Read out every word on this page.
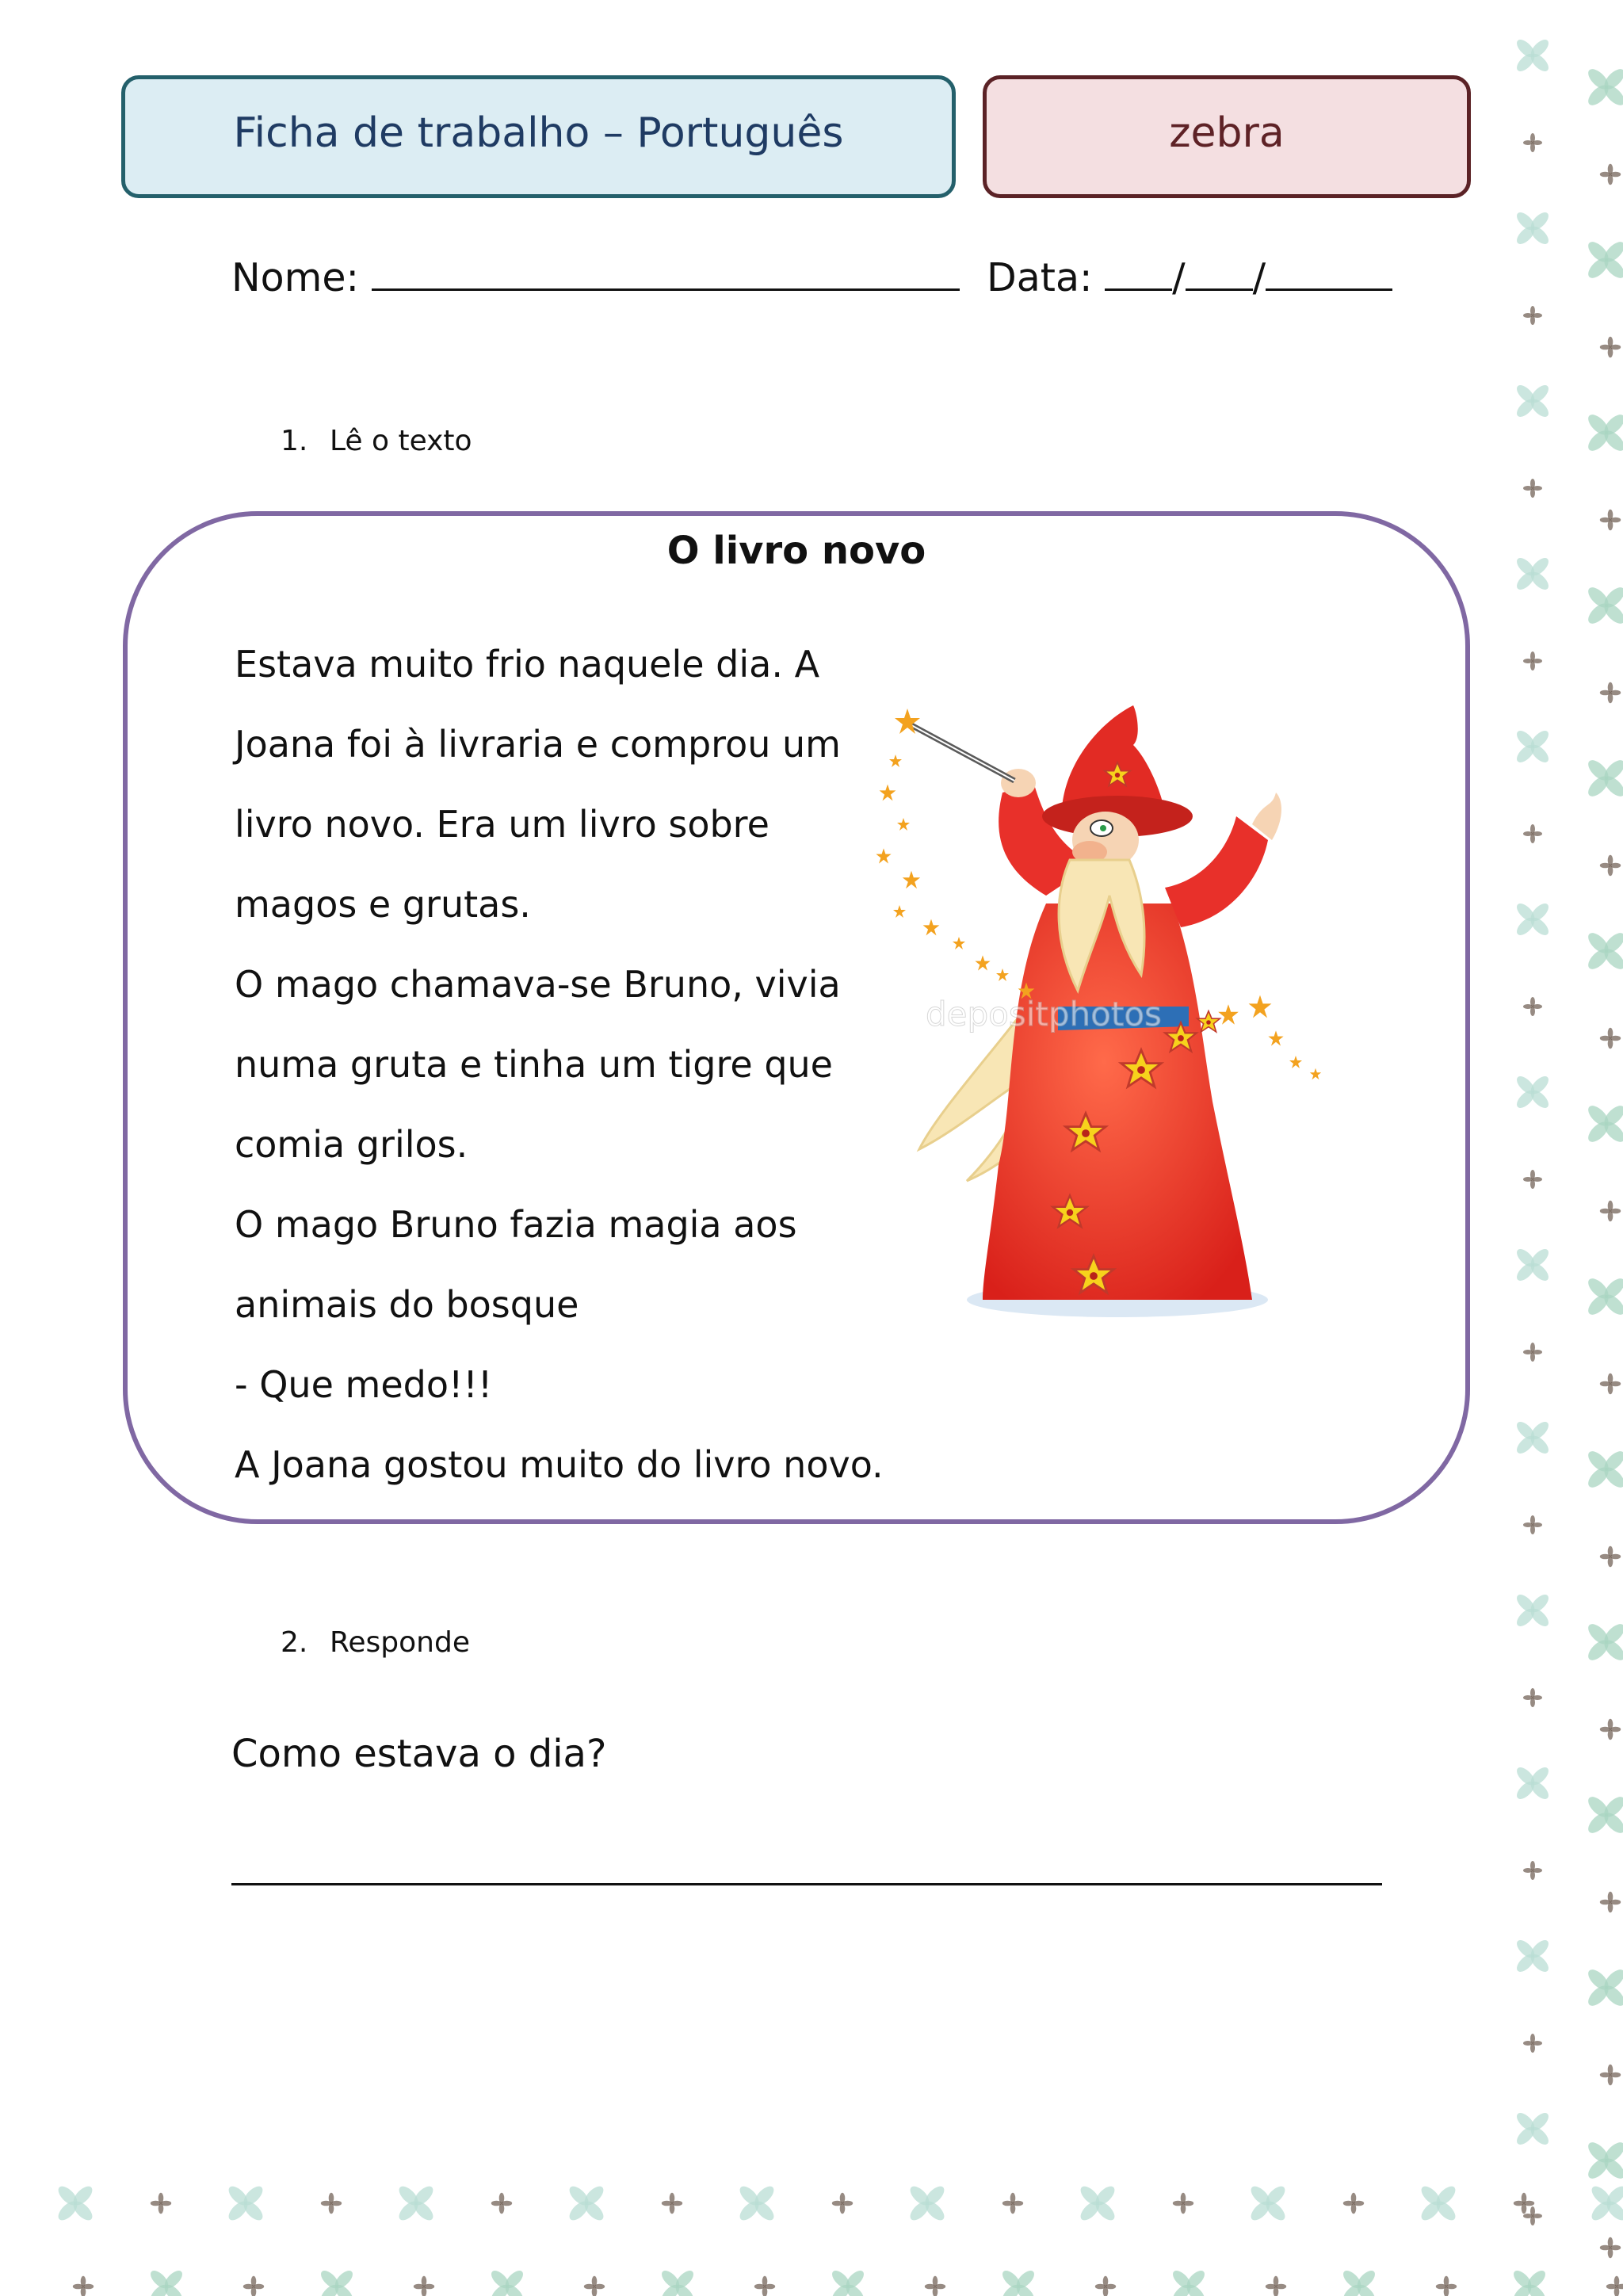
Ficha de trabalho – Português	zebra
Nome:	Data: / /
1. Lê o texto
O livro novo
Estava muito frio naquele dia. A
Joana foi à livraria e comprou um
livro novo. Era um livro sobre
magos e grutas.
O mago chamava-se Bruno, vivia
numa gruta e tinha um tigre que
comia grilos.
O mago Bruno fazia magia aos
animais do bosque
- Que medo!!!
A Joana gostou muito do livro novo.
depositphotos
2. Responde
Como estava o dia?
